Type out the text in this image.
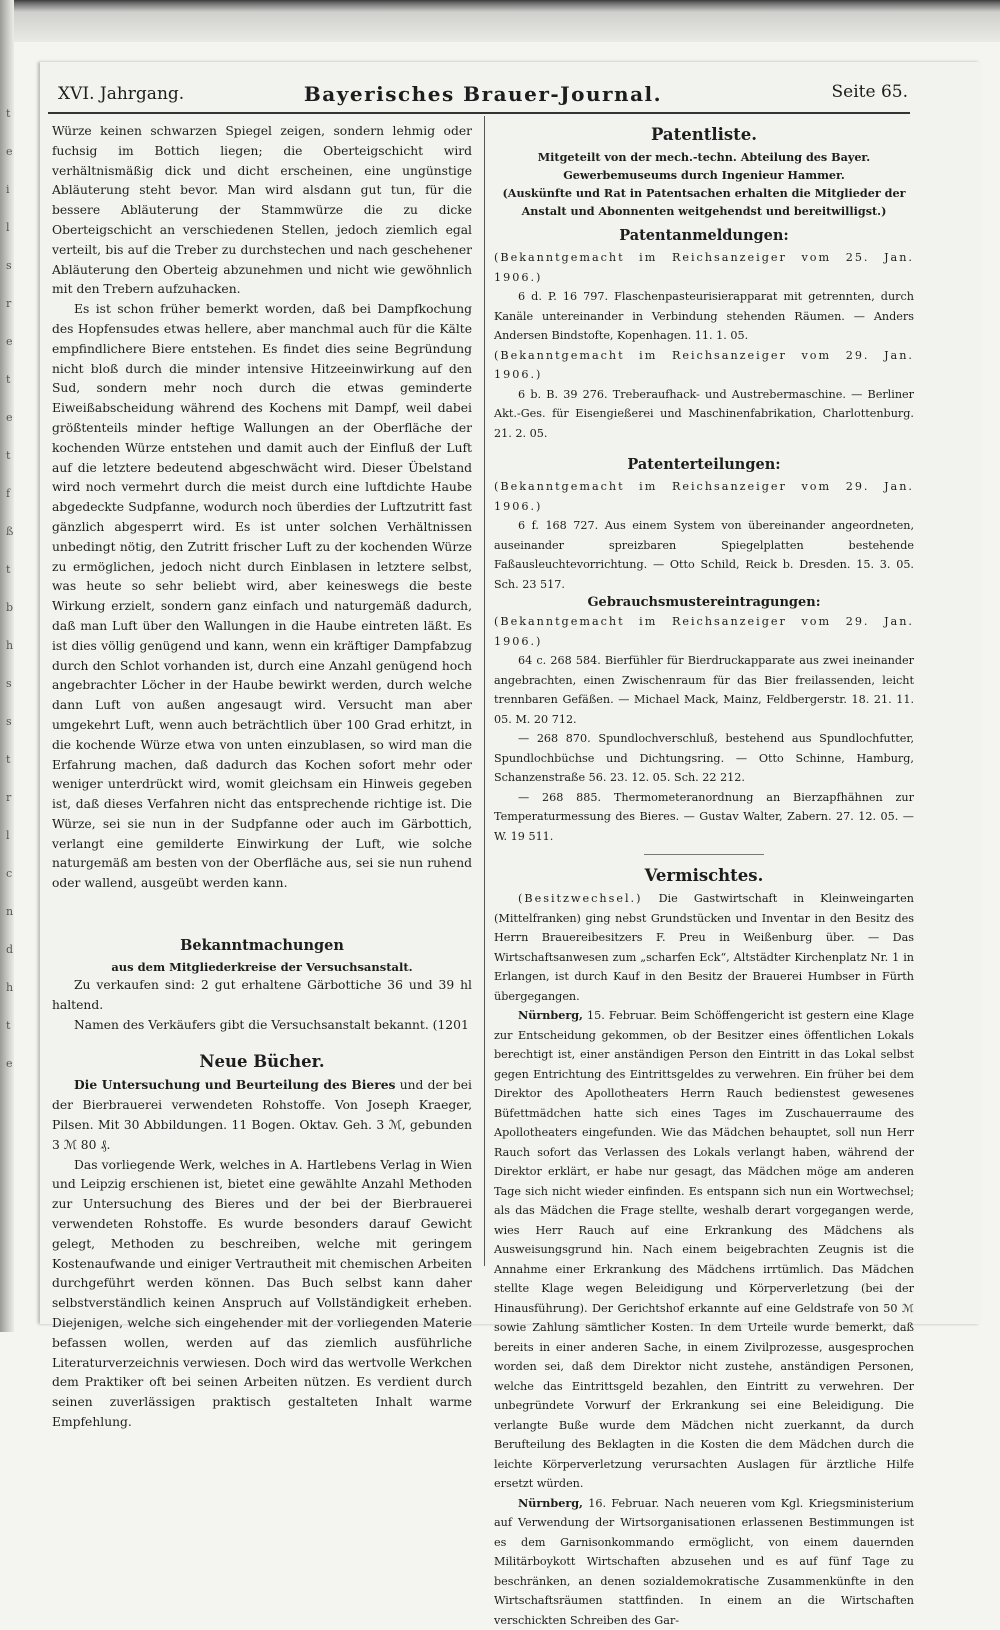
t
e
i
l
s
r
e
t
e
t
f
ß
t
b
h
s
s
t
r
l
c
n
d
h
t
e
XVI. Jahrgang.	Bayerisches Brauer-Journal.	Seite 65.

Würze keinen schwarzen Spiegel zeigen, sondern lehmig oder fuchsig im Bottich liegen; die Oberteigschicht wird verhältnismäßig dick und dicht erscheinen, eine ungünstige Abläuterung steht bevor. Man wird alsdann gut tun, für die bessere Abläuterung der Stammwürze die zu dicke Oberteigschicht an verschiedenen Stellen, jedoch ziemlich egal verteilt, bis auf die Treber zu durchstechen und nach geschehener Abläuterung den Oberteig abzunehmen und nicht wie gewöhnlich mit den Trebern aufzuhacken.

Es ist schon früher bemerkt worden, daß bei Dampfkochung des Hopfensudes etwas hellere, aber manchmal auch für die Kälte empfindlichere Biere entstehen. Es findet dies seine Begründung nicht bloß durch die minder intensive Hitzeeinwirkung auf den Sud, sondern mehr noch durch die etwas geminderte Eiweißabscheidung während des Kochens mit Dampf, weil dabei größtenteils minder heftige Wallungen an der Oberfläche der kochenden Würze entstehen und damit auch der Einfluß der Luft auf die letztere bedeutend abgeschwächt wird. Dieser Übelstand wird noch vermehrt durch die meist durch eine luftdichte Haube abgedeckte Sudpfanne, wodurch noch überdies der Luftzutritt fast gänzlich abgesperrt wird. Es ist unter solchen Verhältnissen unbedingt nötig, den Zutritt frischer Luft zu der kochenden Würze zu ermöglichen, jedoch nicht durch Einblasen in letztere selbst, was heute so sehr beliebt wird, aber keineswegs die beste Wirkung erzielt, sondern ganz einfach und naturgemäß dadurch, daß man Luft über den Wallungen in die Haube eintreten läßt. Es ist dies völlig genügend und kann, wenn ein kräftiger Dampfabzug durch den Schlot vorhanden ist, durch eine Anzahl genügend hoch angebrachter Löcher in der Haube bewirkt werden, durch welche dann Luft von außen angesaugt wird. Versucht man aber umgekehrt Luft, wenn auch beträchtlich über 100 Grad erhitzt, in die kochende Würze etwa von unten einzublasen, so wird man die Erfahrung machen, daß dadurch das Kochen sofort mehr oder weniger unterdrückt wird, womit gleichsam ein Hinweis gegeben ist, daß dieses Verfahren nicht das entsprechende richtige ist. Die Würze, sei sie nun in der Sudpfanne oder auch im Gärbottich, verlangt eine gemilderte Einwirkung der Luft, wie solche naturgemäß am besten von der Oberfläche aus, sei sie nun ruhend oder wallend, ausgeübt werden kann.

Bekanntmachungen
aus dem Mitgliederkreise der Versuchsanstalt.

Zu verkaufen sind: 2 gut erhaltene Gärbottiche 36 und 39 hl haltend.

Namen des Verkäufers gibt die Versuchsanstalt bekannt. (1201

Neue Bücher.

Die Untersuchung und Beurteilung des Bieres und der bei der Bierbrauerei verwendeten Rohstoffe. Von Joseph Kraeger, Pilsen. Mit 30 Abbildungen. 11 Bogen. Oktav. Geh. 3 ℳ, gebunden 3 ℳ 80 ₰.

Das vorliegende Werk, welches in A. Hartlebens Verlag in Wien und Leipzig erschienen ist, bietet eine gewählte Anzahl Methoden zur Untersuchung des Bieres und der bei der Bierbrauerei verwendeten Rohstoffe. Es wurde besonders darauf Gewicht gelegt, Methoden zu beschreiben, welche mit geringem Kostenaufwande und einiger Vertrautheit mit chemischen Arbeiten durchgeführt werden können. Das Buch selbst kann daher selbstverständlich keinen Anspruch auf Vollständigkeit erheben. Diejenigen, welche sich eingehender mit der vorliegenden Materie befassen wollen, werden auf das ziemlich ausführliche Literaturverzeichnis verwiesen. Doch wird das wertvolle Werkchen dem Praktiker oft bei seinen Arbeiten nützen. Es verdient durch seinen zuverlässigen praktisch gestalteten Inhalt warme Empfehlung.

Patentliste.

Mitgeteilt von der mech.-techn. Abteilung des Bayer. Gewerbemuseums durch Ingenieur Hammer.

(Auskünfte und Rat in Patentsachen erhalten die Mitglieder der Anstalt und Abonnenten weitgehendst und bereitwilligst.)

Patentanmeldungen:

(Bekanntgemacht im Reichsanzeiger vom 25. Jan. 1906.)

6 d. P. 16 797. Flaschenpasteurisierapparat mit getrennten, durch Kanäle untereinander in Verbindung stehenden Räumen. — Anders Andersen Bindstofte, Kopenhagen. 11. 1. 05.

(Bekanntgemacht im Reichsanzeiger vom 29. Jan. 1906.)

6 b. B. 39 276. Treberaufhack- und Austrebermaschine. — Berliner Akt.-Ges. für Eisengießerei und Maschinenfabrikation, Charlottenburg. 21. 2. 05.

Patenterteilungen:

(Bekanntgemacht im Reichsanzeiger vom 29. Jan. 1906.)

6 f. 168 727. Aus einem System von übereinander angeordneten, auseinander spreizbaren Spiegelplatten bestehende Faßausleuchtevorrichtung. — Otto Schild, Reick b. Dresden. 15. 3. 05. Sch. 23 517.

Gebrauchsmustereintragungen:

(Bekanntgemacht im Reichsanzeiger vom 29. Jan. 1906.)

64 c. 268 584. Bierfühler für Bierdruckapparate aus zwei ineinander angebrachten, einen Zwischenraum für das Bier freilassenden, leicht trennbaren Gefäßen. — Michael Mack, Mainz, Feldbergerstr. 18. 21. 11. 05. M. 20 712.

— 268 870. Spundlochverschluß, bestehend aus Spundlochfutter, Spundlochbüchse und Dichtungsring. — Otto Schinne, Hamburg, Schanzenstraße 56. 23. 12. 05. Sch. 22 212.

— 268 885. Thermometeranordnung an Bierzapfhähnen zur Temperaturmessung des Bieres. — Gustav Walter, Zabern. 27. 12. 05. — W. 19 511.

Vermischtes.

(Besitzwechsel.) Die Gastwirtschaft in Kleinweingarten (Mittelfranken) ging nebst Grundstücken und Inventar in den Besitz des Herrn Brauereibesitzers F. Preu in Weißenburg über. — Das Wirtschaftsanwesen zum „scharfen Eck“, Altstädter Kirchenplatz Nr. 1 in Erlangen, ist durch Kauf in den Besitz der Brauerei Humbser in Fürth übergegangen.

Nürnberg, 15. Februar. Beim Schöffengericht ist gestern eine Klage zur Entscheidung gekommen, ob der Besitzer eines öffentlichen Lokals berechtigt ist, einer anständigen Person den Eintritt in das Lokal selbst gegen Entrichtung des Eintrittsgeldes zu verwehren. Ein früher bei dem Direktor des Apollotheaters Herrn Rauch bediensteѕt gewesenes Büfettmädchen hatte sich eines Tages im Zuschauerraume des Apollotheaters eingefunden. Wie das Mädchen behauptet, soll nun Herr Rauch sofort das Verlassen des Lokals verlangt haben, während der Direktor erklärt, er habe nur gesagt, das Mädchen möge am anderen Tage sich nicht wieder einfinden. Es entspann sich nun ein Wortwechsel; als das Mädchen die Frage stellte, weshalb derart vorgegangen werde, wies Herr Rauch auf eine Erkrankung des Mädchens als Ausweisungsgrund hin. Nach einem beigebrachten Zeugnis ist die Annahme einer Erkrankung des Mädchens irrtümlich. Das Mädchen stellte Klage wegen Beleidigung und Körperverletzung (bei der Hinausführung). Der Gerichtshof erkannte auf eine Geldstrafe von 50 ℳ sowie Zahlung sämtlicher Kosten. In dem Urteile wurde bemerkt, daß bereits in einer anderen Sache, in einem Zivilprozesse, ausgesprochen worden sei, daß dem Direktor nicht zustehe, anständigen Personen, welche das Eintrittsgeld bezahlen, den Eintritt zu verwehren. Der unbegründete Vorwurf der Erkrankung sei eine Beleidigung. Die verlangte Buße wurde dem Mädchen nicht zuerkannt, da durch Berufteilung des Beklagten in die Kosten die dem Mädchen durch die leichte Körperverletzung verursachten Auslagen für ärztliche Hilfe ersetzt würden.

Nürnberg, 16. Februar. Nach neueren vom Kgl. Kriegsministerium auf Verwendung der Wirtsorganisationen erlassenen Bestimmungen ist es dem Garnisonkommando ermöglicht, von einem dauernden Militärboykott Wirtschaften abzusehen und es auf fünf Tage zu beschränken, an denen sozialdemokratische Zusammenkünfte in den Wirtschaftsräumen stattfinden. In einem an die Wirtschaften verschickten Schreiben des Gar-
